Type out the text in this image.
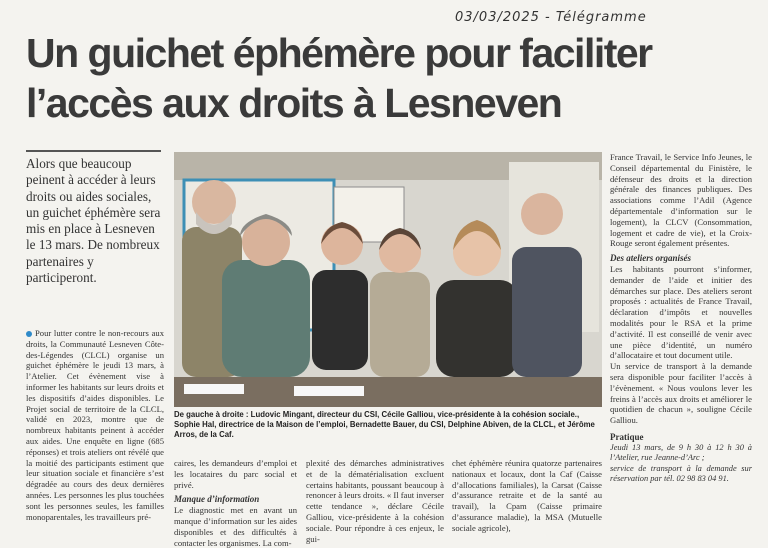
03/03/2025 - Télégramme
Un guichet éphémère pour faciliter
l’accès aux droits à Lesneven
Alors que beaucoup peinent à accéder à leurs droits ou aides sociales, un guichet éphémère sera mis en place à Lesneven le 13 mars. De nombreux partenaires y participeront.

Pour lutter contre le non-recours aux droits, la Communauté Lesneven Côte-des-Légendes (CLCL) organise un guichet éphémère le jeudi 13 mars, à l’Atelier. Cet évènement vise à informer les habitants sur leurs droits et les dispositifs d’aides disponibles. Le Projet social de territoire de la CLCL, validé en 2023, montre que de nombreux habitants peinent à accéder aux aides. Une enquête en ligne (685 réponses) et trois ateliers ont révélé que la moitié des participants estiment que leur situation sociale et financière s’est dégradée au cours des deux dernières années. Les personnes les plus touchées sont les personnes seules, les familles monoparentales, les travailleurs pré-

De gauche à droite : Ludovic Mingant, directeur du CSI, Cécile Galliou, vice-présidente à la cohésion sociale., Sophie Hal, directrice de la Maison de l’emploi, Bernadette Bauer, du CSI, Delphine Abiven, de la CLCL, et Jérôme Arros, de la Caf.

caires, les demandeurs d’emploi et les locataires du parc social et privé.

Manque d’information

Le diagnostic met en avant un manque d’information sur les aides disponibles et des difficultés à contacter les organismes. La com-

plexité des démarches administratives et de la dématérialisation excluent certains habitants, poussant beaucoup à renoncer à leurs droits. « Il faut inverser cette tendance », déclare Cécile Galliou, vice-présidente à la cohésion sociale. Pour répondre à ces enjeux, le gui-

chet éphémère réunira quatorze partenaires nationaux et locaux, dont la Caf (Caisse d’allocations familiales), la Carsat (Caisse d’assurance retraite et de la santé au travail), la Cpam (Caisse primaire d’assurance maladie), la MSA (Mutuelle sociale agricole),

France Travail, le Service Info Jeunes, le Conseil départemental du Finistère, le défenseur des droits et la direction générale des finances publiques. Des associations comme l’Adil (Agence départementale d’information sur le logement), la CLCV (Consommation, logement et cadre de vie), et la Croix-Rouge seront également présentes.

Des ateliers organisés

Les habitants pourront s’informer, demander de l’aide et initier des démarches sur place. Des ateliers seront proposés : actualités de France Travail, déclaration d’impôts et nouvelles modalités pour le RSA et la prime d’activité. Il est conseillé de venir avec une pièce d’identité, un numéro d’allocataire et tout document utile.

Un service de transport à la demande sera disponible pour faciliter l’accès à l’évènement. « Nous voulons lever les freins à l’accès aux droits et améliorer le quotidien de chacun », souligne Cécile Galliou.

Pratique

Jeudi 13 mars, de 9 h 30 à 12 h 30 à l’Atelier, rue Jeanne-d’Arc ;

service de transport à la demande sur réservation par tél. 02 98 83 04 91.
